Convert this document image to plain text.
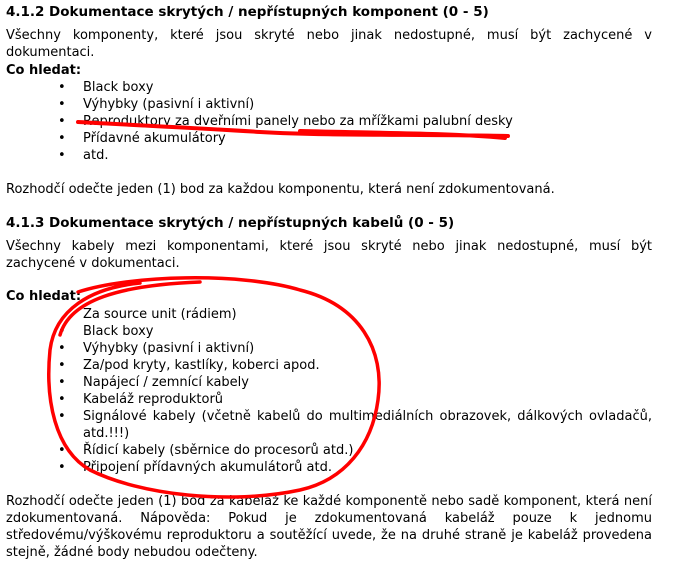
4.1.2 Dokumentace skrytých / nepřístupných komponent (0 - 5)
Všechny komponenty, které jsou skryté nebo jinak nedostupné, musí být zachycené v dokumentaci.
Co hledat:
• Black boxy
• Výhybky (pasivní i aktivní)
• Reproduktory za dveřními panely nebo za mřížkami palubní desky
• Přídavné akumulátory
• atd.
Rozhodčí odečte jeden (1) bod za každou komponentu, která není zdokumentovaná.
4.1.3 Dokumentace skrytých / nepřístupných kabelů (0 - 5)
Všechny kabely mezi komponentami, které jsou skryté nebo jinak nedostupné, musí být zachycené v dokumentaci.
Co hledat:
Za source unit (rádiem)
• Black boxy
• Výhybky (pasivní i aktivní)
• Za/pod kryty, kastlíky, koberci apod.
• Napájecí / zemnící kabely
• Kabeláž reproduktorů
• Signálové kabely (včetně kabelů do multimediálních obrazovek, dálkových ovladačů, atd.!!!)
• Řídicí kabely (sběrnice do procesorů atd.)
• Připojení přídavných akumulátorů atd.
Rozhodčí odečte jeden (1) bod za kabeláž ke každé komponentě nebo sadě komponent, která není zdokumentovaná. Nápověda: Pokud je zdokumentovaná kabeláž pouze k jednomu středovému/výškovému reproduktoru a soutěžící uvede, že na druhé straně je kabeláž provedena stejně, žádné body nebudou odečteny.
